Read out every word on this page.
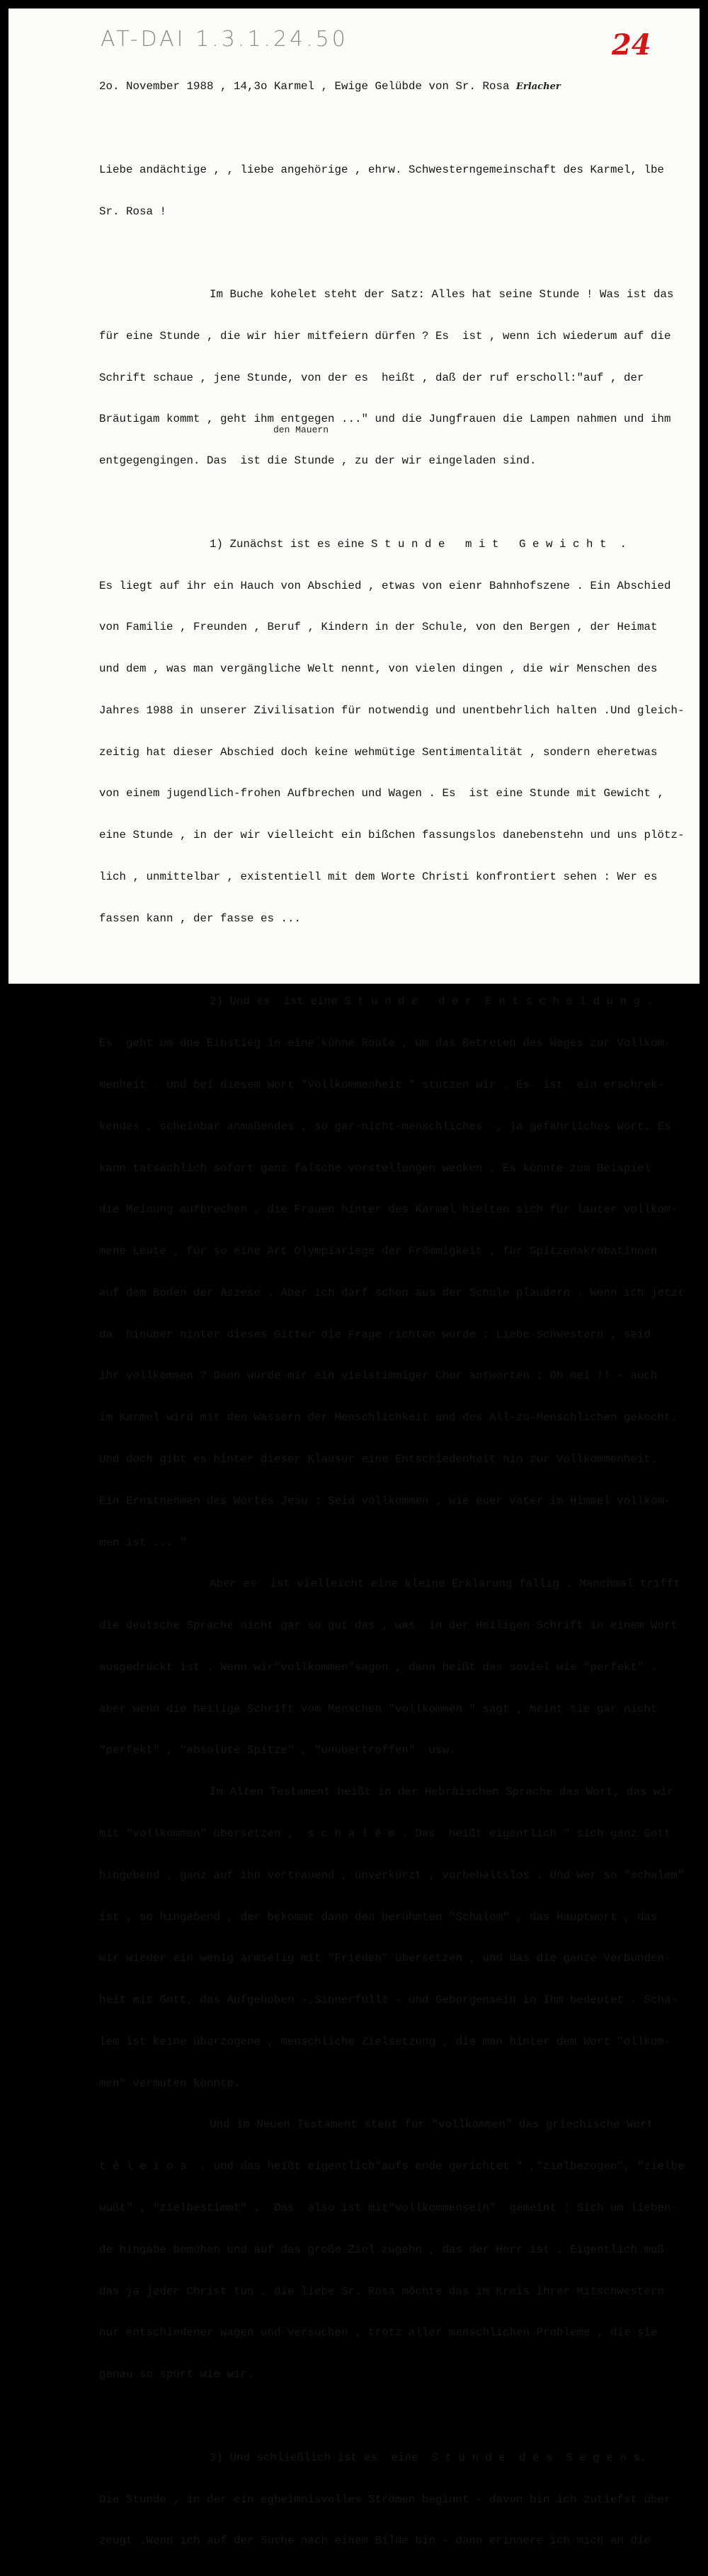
AT-DAI 1.3.1.24.50	24

2o. November 1988 , 14,3o Karmel , Ewige Gelübde von Sr. Rosa Erlacher

Liebe andächtige , , liebe angehörige , ehrw. Schwesterngemeinschaft des Karmel, lbe

Sr. Rosa !

Im Buche kohelet steht der Satz: Alles hat seine Stunde ! Was ist das

für eine Stunde , die wir hier mitfeiern dürfen ? Es  ist , wenn ich wiederum auf die

Schrift schaue , jene Stunde, von der es  heißt , daß der ruf erscholl:"auf , der

Bräutigam kommt , geht ihm entgegen ..." und die Jungfrauen die Lampen nahmen und ihm

entgegengingen. Das  ist die Stunde , zu der wir eingeladen sind.

1) Zunächst ist es eine S t u n d e   m i t   G e w i c h t  .

Es liegt auf ihr ein Hauch von Abschied , etwas von eienr Bahnhofszene . Ein Abschied

von Familie , Freunden , Beruf , Kindern in der Schule, von den Bergen , der Heimat

und dem , was man vergängliche Welt nennt, von vielen dingen , die wir Menschen des

Jahres 1988 in unserer Zivilisation für notwendig und unentbehrlich halten .Und gleich-

zeitig hat dieser Abschied doch keine wehmütige Sentimentalität , sondern eheretwas

von einem jugendlich-frohen Aufbrechen und Wagen . Es  ist eine Stunde mit Gewicht ,

eine Stunde , in der wir vielleicht ein bißchen fassungslos danebenstehn und uns plötz-

lich , unmittelbar , existentiell mit dem Worte Christi konfrontiert sehen : Wer es

fassen kann , der fasse es ...

2) Und es  ist eine S t u n d e   d e r  E n t s c h e i d u n g .

Es  geht um dne Einstieg in eine kühne Route , um das Betreten des Weges zur Vollkom-

menheit . Und bei diesem Wort "Vollkommenheit " stutzen wir . Es  ist  ein erschrek-

kendes , scheinbar anmaßendes , so gar-nicht-menschliches  , ja gefährliches Wort. Es

kann tatsächlich sofort ganz falsche vorstellungen wecken . Es könnte zum Beispiel

die Meinung aufbrechen , die Frauen hinter des Karmel hielten sich für lauter vollkom-

mene Leute , für so eine Art Olympiariege der Frömmigkeit , für Spitzenakrobatinnen

auf dem Boden der Aszese . Aber ich darf schon aus der Schule plaudern . Wenn ich jetzt

da  hinüber hinter dieses Gitter die Frage richten würde : Liebe Schwestern , seid

ihr vollkommen ? Dann würde mir ein vielstimmiger Chor antworten : Oh mei !! - auch

im Karmel wird mit den Wassern der Menschlichkeit und des All-zu-Menschlichen gekocht.

Und doch gibt es hinter dieser Klausur eine Entschiedenheit hin zur Vollkommenheit.

Ein Ernstnehmen des Wortes Jesu : Seid vollkommen , wie euer Vater im Himmel vollkom-

men ist ... "

Aber es  ist vielleicht eine kleine Erklärung fällig . Manchmal trifft

die deutsche Sprache nicht gar so gut das , was  in der Heiligen Schrift in einem Wort

ausgedrückt ist . Wenn wir"vollkommen"sagen , dann heißt das soviel wie "perfekt" .

aber wenn die heilige Schrift vom Menschen "vollkommen " sagt , meint sie gar nicht

"perfekt" , "absolute Spitze" , "unübertroffen"  usw.

Im Alten Testament heißt in der Hebräischen Sprache das Wort, das wir

mit "vollkommen" übersetzen ,  s c h a l é m . Das  heißt eigentlich " sich ganz Gott

hingebend , ganz auf ihn vertrauend , unverkürzt , vorbehaltslos . Und wer so "schalem"

ist , so hingebend , der bekommt dann den berühmten "Schalom" , das Hauptwort , das

wir wieder ein wenig armselig mit "Frieden" übersetzen , und das die ganze Verbunden-

heit mit Gott, das Aufgehoben -,Sinnerfüllt - und Geborgensein in Ihm bedeutet . Scha-

lem ist keine überzogene , menschliche Zielsetzung , die man hinter dem Wort "ollkom-

men" vermuten könnte.

Und im Neuen Testament steht für "vollkommen" das griechische Wort

t é l e i o s  . und das heißt eigentlich"aufs ende gerichtet " ,"zielbezogen", "zielbe

wußt" , "zielbestimmt" .  Das  also ist mit"vollkommensein"  gemeint : Sich um lieben-

de hingabe bemühen und auf das große Ziel zugehn , das der Herr ist . Eigentlich muß

das ja jeder Christ tun . die liebe Sr. Rosa möchte das im Kreis ihrer Mitschwestern

nur entschiedener wagen und versuchen , trotz aller menschlichen Probleme , die sie

genau so spürt wie wir.

3) Und schließlich ist es  eine  S t u n d e  d e s  S e g e n s.

Die Stunde , in der ein egheimnisvolles Strömen beginnt - davon bin ich zutiefst über

zeugt .Wenn ich auf der Suche nach einem Bilde bin - dann erinnere ich mich an die

den Mauern
